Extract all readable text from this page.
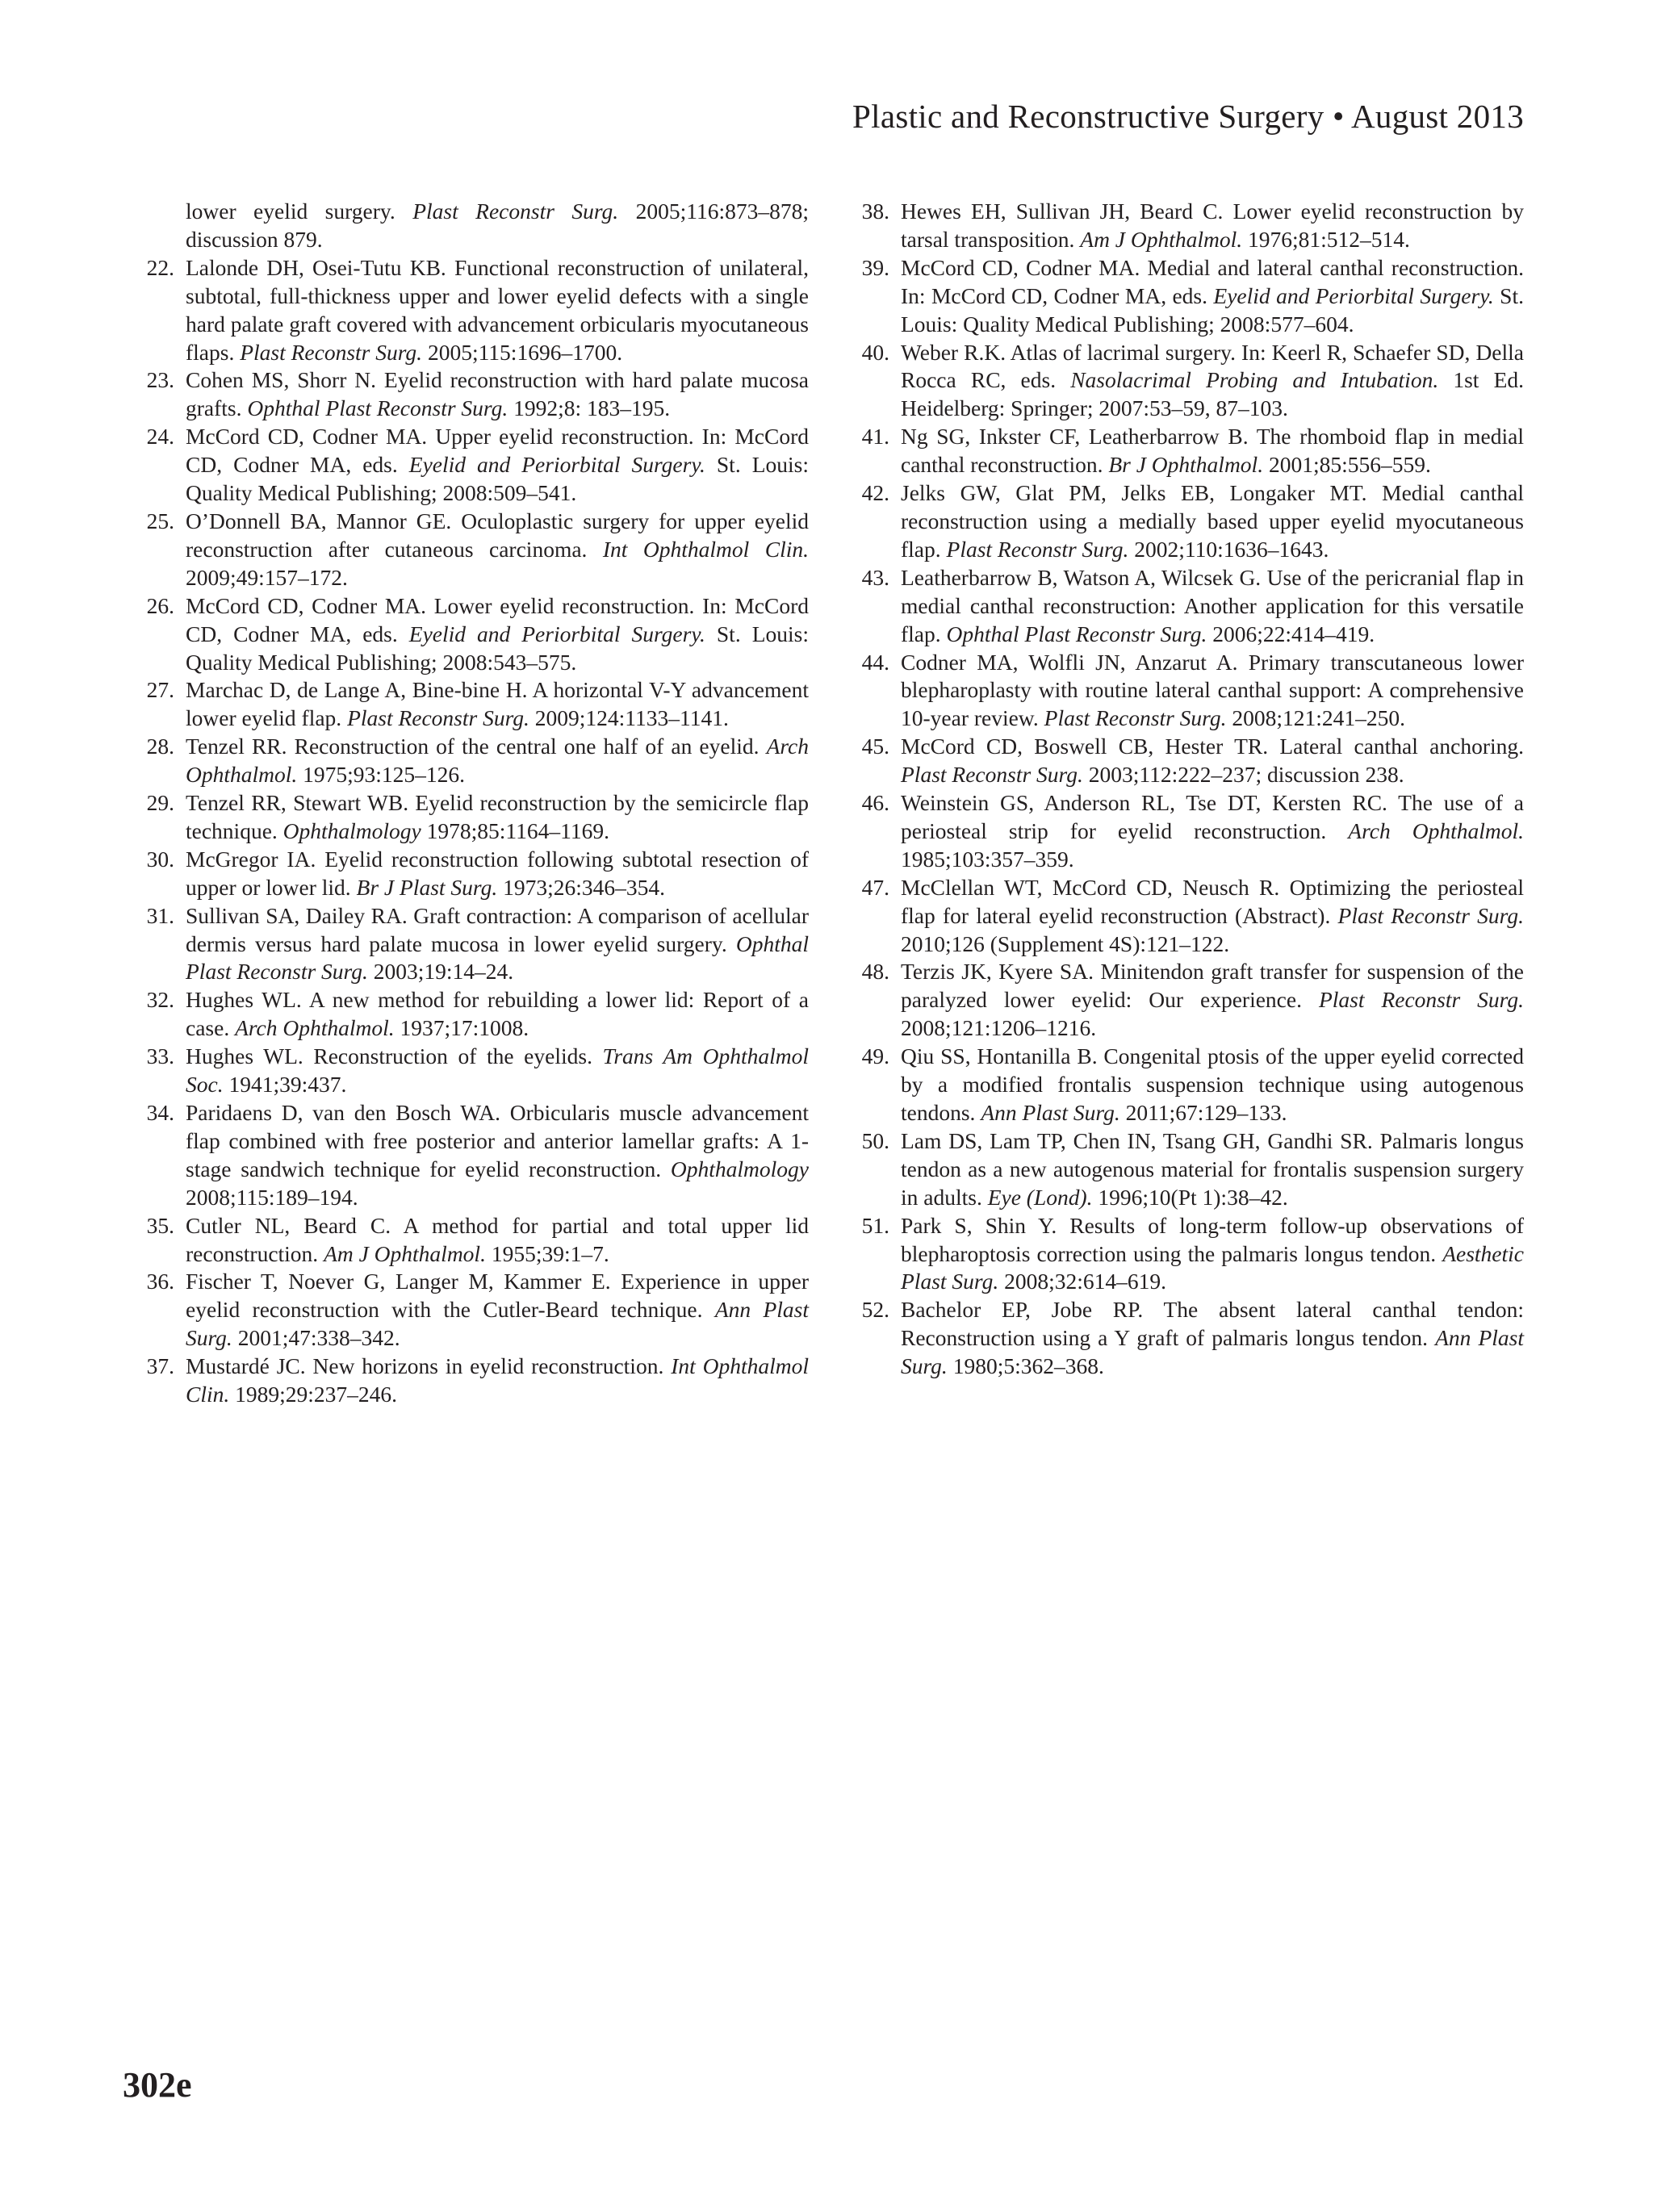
Plastic and Reconstructive Surgery • August 2013
lower eyelid surgery. Plast Reconstr Surg. 2005;116:873–878; discussion 879.
22. Lalonde DH, Osei-Tutu KB. Functional reconstruction of unilateral, subtotal, full-thickness upper and lower eyelid defects with a single hard palate graft covered with advancement orbicularis myocutaneous flaps. Plast Reconstr Surg. 2005;115:1696–1700.
23. Cohen MS, Shorr N. Eyelid reconstruction with hard palate mucosa grafts. Ophthal Plast Reconstr Surg. 1992;8: 183–195.
24. McCord CD, Codner MA. Upper eyelid reconstruction. In: McCord CD, Codner MA, eds. Eyelid and Periorbital Surgery. St. Louis: Quality Medical Publishing; 2008:509–541.
25. O’Donnell BA, Mannor GE. Oculoplastic surgery for upper eyelid reconstruction after cutaneous carcinoma. Int Ophthalmol Clin. 2009;49:157–172.
26. McCord CD, Codner MA. Lower eyelid reconstruction. In: McCord CD, Codner MA, eds. Eyelid and Periorbital Surgery. St. Louis: Quality Medical Publishing; 2008:543–575.
27. Marchac D, de Lange A, Bine-bine H. A horizontal V-Y advancement lower eyelid flap. Plast Reconstr Surg. 2009;124:1133–1141.
28. Tenzel RR. Reconstruction of the central one half of an eyelid. Arch Ophthalmol. 1975;93:125–126.
29. Tenzel RR, Stewart WB. Eyelid reconstruction by the semicircle flap technique. Ophthalmology 1978;85:1164–1169.
30. McGregor IA. Eyelid reconstruction following subtotal resection of upper or lower lid. Br J Plast Surg. 1973;26:346–354.
31. Sullivan SA, Dailey RA. Graft contraction: A comparison of acellular dermis versus hard palate mucosa in lower eyelid surgery. Ophthal Plast Reconstr Surg. 2003;19:14–24.
32. Hughes WL. A new method for rebuilding a lower lid: Report of a case. Arch Ophthalmol. 1937;17:1008.
33. Hughes WL. Reconstruction of the eyelids. Trans Am Ophthalmol Soc. 1941;39:437.
34. Paridaens D, van den Bosch WA. Orbicularis muscle advancement flap combined with free posterior and anterior lamellar grafts: A 1-stage sandwich technique for eyelid reconstruction. Ophthalmology 2008;115:189–194.
35. Cutler NL, Beard C. A method for partial and total upper lid reconstruction. Am J Ophthalmol. 1955;39:1–7.
36. Fischer T, Noever G, Langer M, Kammer E. Experience in upper eyelid reconstruction with the Cutler-Beard technique. Ann Plast Surg. 2001;47:338–342.
37. Mustardé JC. New horizons in eyelid reconstruction. Int Ophthalmol Clin. 1989;29:237–246.
38. Hewes EH, Sullivan JH, Beard C. Lower eyelid reconstruction by tarsal transposition. Am J Ophthalmol. 1976;81:512–514.
39. McCord CD, Codner MA. Medial and lateral canthal reconstruction. In: McCord CD, Codner MA, eds. Eyelid and Periorbital Surgery. St. Louis: Quality Medical Publishing; 2008:577–604.
40. Weber R.K. Atlas of lacrimal surgery. In: Keerl R, Schaefer SD, Della Rocca RC, eds. Nasolacrimal Probing and Intubation. 1st Ed. Heidelberg: Springer; 2007:53–59, 87–103.
41. Ng SG, Inkster CF, Leatherbarrow B. The rhomboid flap in medial canthal reconstruction. Br J Ophthalmol. 2001;85:556–559.
42. Jelks GW, Glat PM, Jelks EB, Longaker MT. Medial canthal reconstruction using a medially based upper eyelid myocutaneous flap. Plast Reconstr Surg. 2002;110:1636–1643.
43. Leatherbarrow B, Watson A, Wilcsek G. Use of the pericranial flap in medial canthal reconstruction: Another application for this versatile flap. Ophthal Plast Reconstr Surg. 2006;22:414–419.
44. Codner MA, Wolfli JN, Anzarut A. Primary transcutaneous lower blepharoplasty with routine lateral canthal support: A comprehensive 10-year review. Plast Reconstr Surg. 2008;121:241–250.
45. McCord CD, Boswell CB, Hester TR. Lateral canthal anchoring. Plast Reconstr Surg. 2003;112:222–237; discussion 238.
46. Weinstein GS, Anderson RL, Tse DT, Kersten RC. The use of a periosteal strip for eyelid reconstruction. Arch Ophthalmol. 1985;103:357–359.
47. McClellan WT, McCord CD, Neusch R. Optimizing the periosteal flap for lateral eyelid reconstruction (Abstract). Plast Reconstr Surg. 2010;126 (Supplement 4S):121–122.
48. Terzis JK, Kyere SA. Minitendon graft transfer for suspension of the paralyzed lower eyelid: Our experience. Plast Reconstr Surg. 2008;121:1206–1216.
49. Qiu SS, Hontanilla B. Congenital ptosis of the upper eyelid corrected by a modified frontalis suspension technique using autogenous tendons. Ann Plast Surg. 2011;67:129–133.
50. Lam DS, Lam TP, Chen IN, Tsang GH, Gandhi SR. Palmaris longus tendon as a new autogenous material for frontalis suspension surgery in adults. Eye (Lond). 1996;10(Pt 1):38–42.
51. Park S, Shin Y. Results of long-term follow-up observations of blepharoptosis correction using the palmaris longus tendon. Aesthetic Plast Surg. 2008;32:614–619.
52. Bachelor EP, Jobe RP. The absent lateral canthal tendon: Reconstruction using a Y graft of palmaris longus tendon. Ann Plast Surg. 1980;5:362–368.
302e
